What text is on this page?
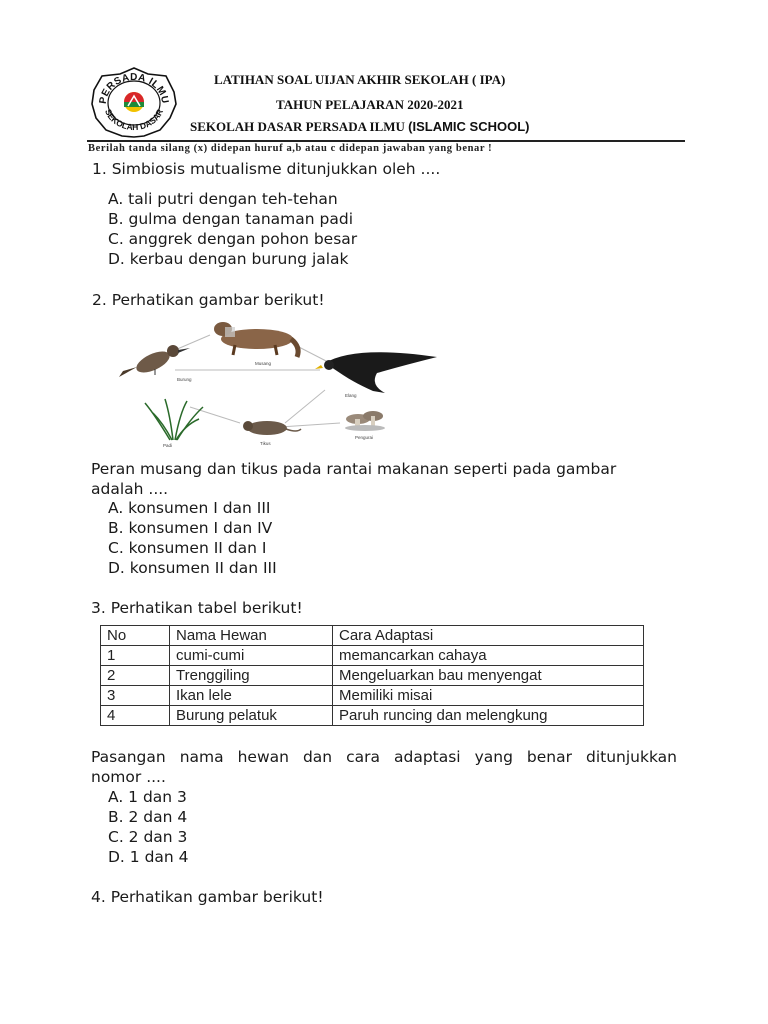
PERSADA ILMU
SEKOLAH DASAR
LATIHAN SOAL UIJAN AKHIR SEKOLAH ( IPA)
TAHUN PELAJARAN 2020-2021
SEKOLAH DASAR PERSADA ILMU (ISLAMIC SCHOOL)
Berilah tanda silang (x) didepan huruf a,b atau c didepan jawaban yang benar !
1. Simbiosis mutualisme ditunjukkan oleh ....
A. tali putri dengan teh-tehan
B. gulma dengan tanaman padi
C. anggrek dengan pohon besar
D. kerbau dengan burung jalak
2. Perhatikan gambar berikut!
Burung
Musang
Elang
Padi	Tikus
Pengurai
Peran musang dan tikus pada rantai makanan seperti pada gambar
adalah ....
A. konsumen I dan III
B. konsumen I dan IV
C. konsumen II dan I
D. konsumen II dan III
3. Perhatikan tabel berikut!
No	Nama Hewan	Cara Adaptasi
1	cumi-cumi	memancarkan cahaya
2	Trenggiling	Mengeluarkan bau menyengat
3	Ikan lele	Memiliki misai
4	Burung pelatuk	Paruh runcing dan melengkung
Pasangan nama hewan dan cara adaptasi yang benar ditunjukkan
nomor ....
A. 1 dan 3
B. 2 dan 4
C. 2 dan 3
D. 1 dan 4
4. Perhatikan gambar berikut!
